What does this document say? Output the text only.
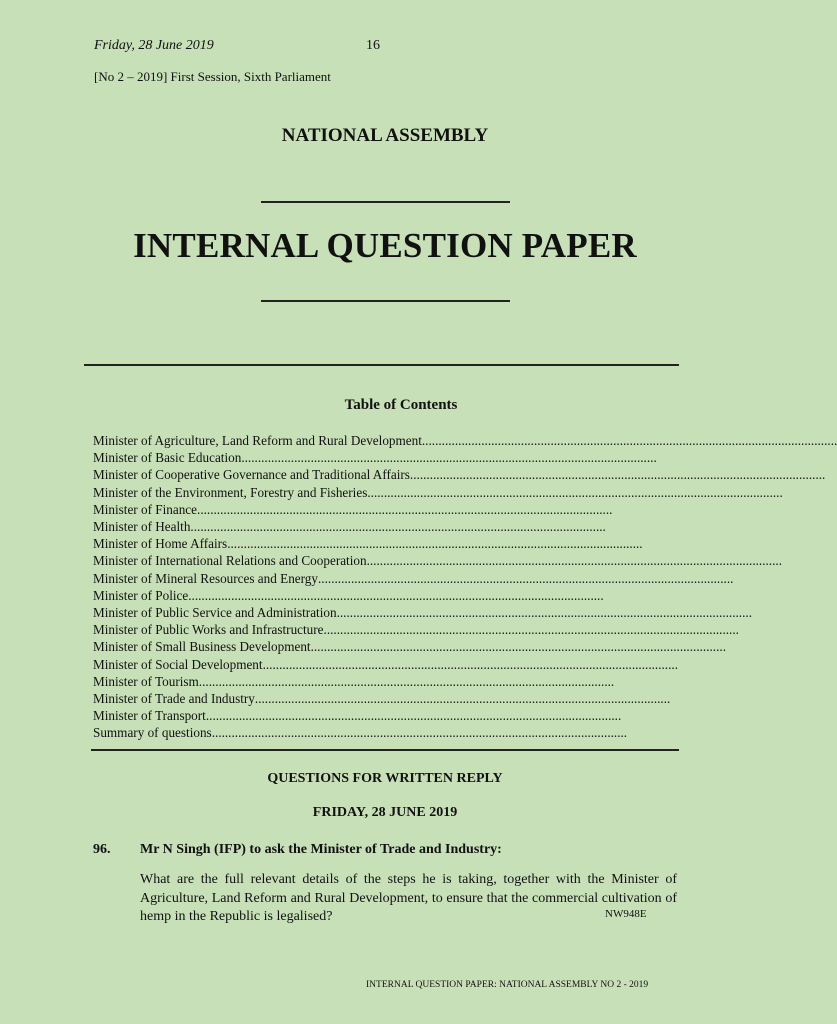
Friday, 28 June 2019	16
[No 2 – 2019] First Session, Sixth Parliament
NATIONAL ASSEMBLY
INTERNAL QUESTION PAPER
Table of Contents
Minister of Agriculture, Land Reform and Rural Development ..............................................................................................................................
Minister of Basic Education ..............................................................................................................................
Minister of Cooperative Governance and Traditional Affairs ..............................................................................................................................
Minister of the Environment, Forestry and Fisheries ..............................................................................................................................
Minister of Finance ..............................................................................................................................
Minister of Health ..............................................................................................................................
Minister of Home Affairs ..............................................................................................................................
Minister of International Relations and Cooperation ..............................................................................................................................
Minister of Mineral Resources and Energy ..............................................................................................................................
Minister of Police ..............................................................................................................................
Minister of Public Service and Administration ..............................................................................................................................
Minister of Public Works and Infrastructure ..............................................................................................................................
Minister of Small Business Development ..............................................................................................................................
Minister of Social Development ..............................................................................................................................
Minister of Tourism ..............................................................................................................................
Minister of Trade and Industry ..............................................................................................................................
Minister of Transport ..............................................................................................................................
Summary of questions ..............................................................................................................................
QUESTIONS FOR WRITTEN REPLY
FRIDAY, 28 JUNE 2019
96. Mr N Singh (IFP) to ask the Minister of Trade and Industry:
What are the full relevant details of the steps he is taking, together with the Minister of Agriculture, Land Reform and Rural Development, to ensure that the commercial cultivation of hemp in the Republic is legalised?	NW948E
INTERNAL QUESTION PAPER: NATIONAL ASSEMBLY NO 2 - 2019
